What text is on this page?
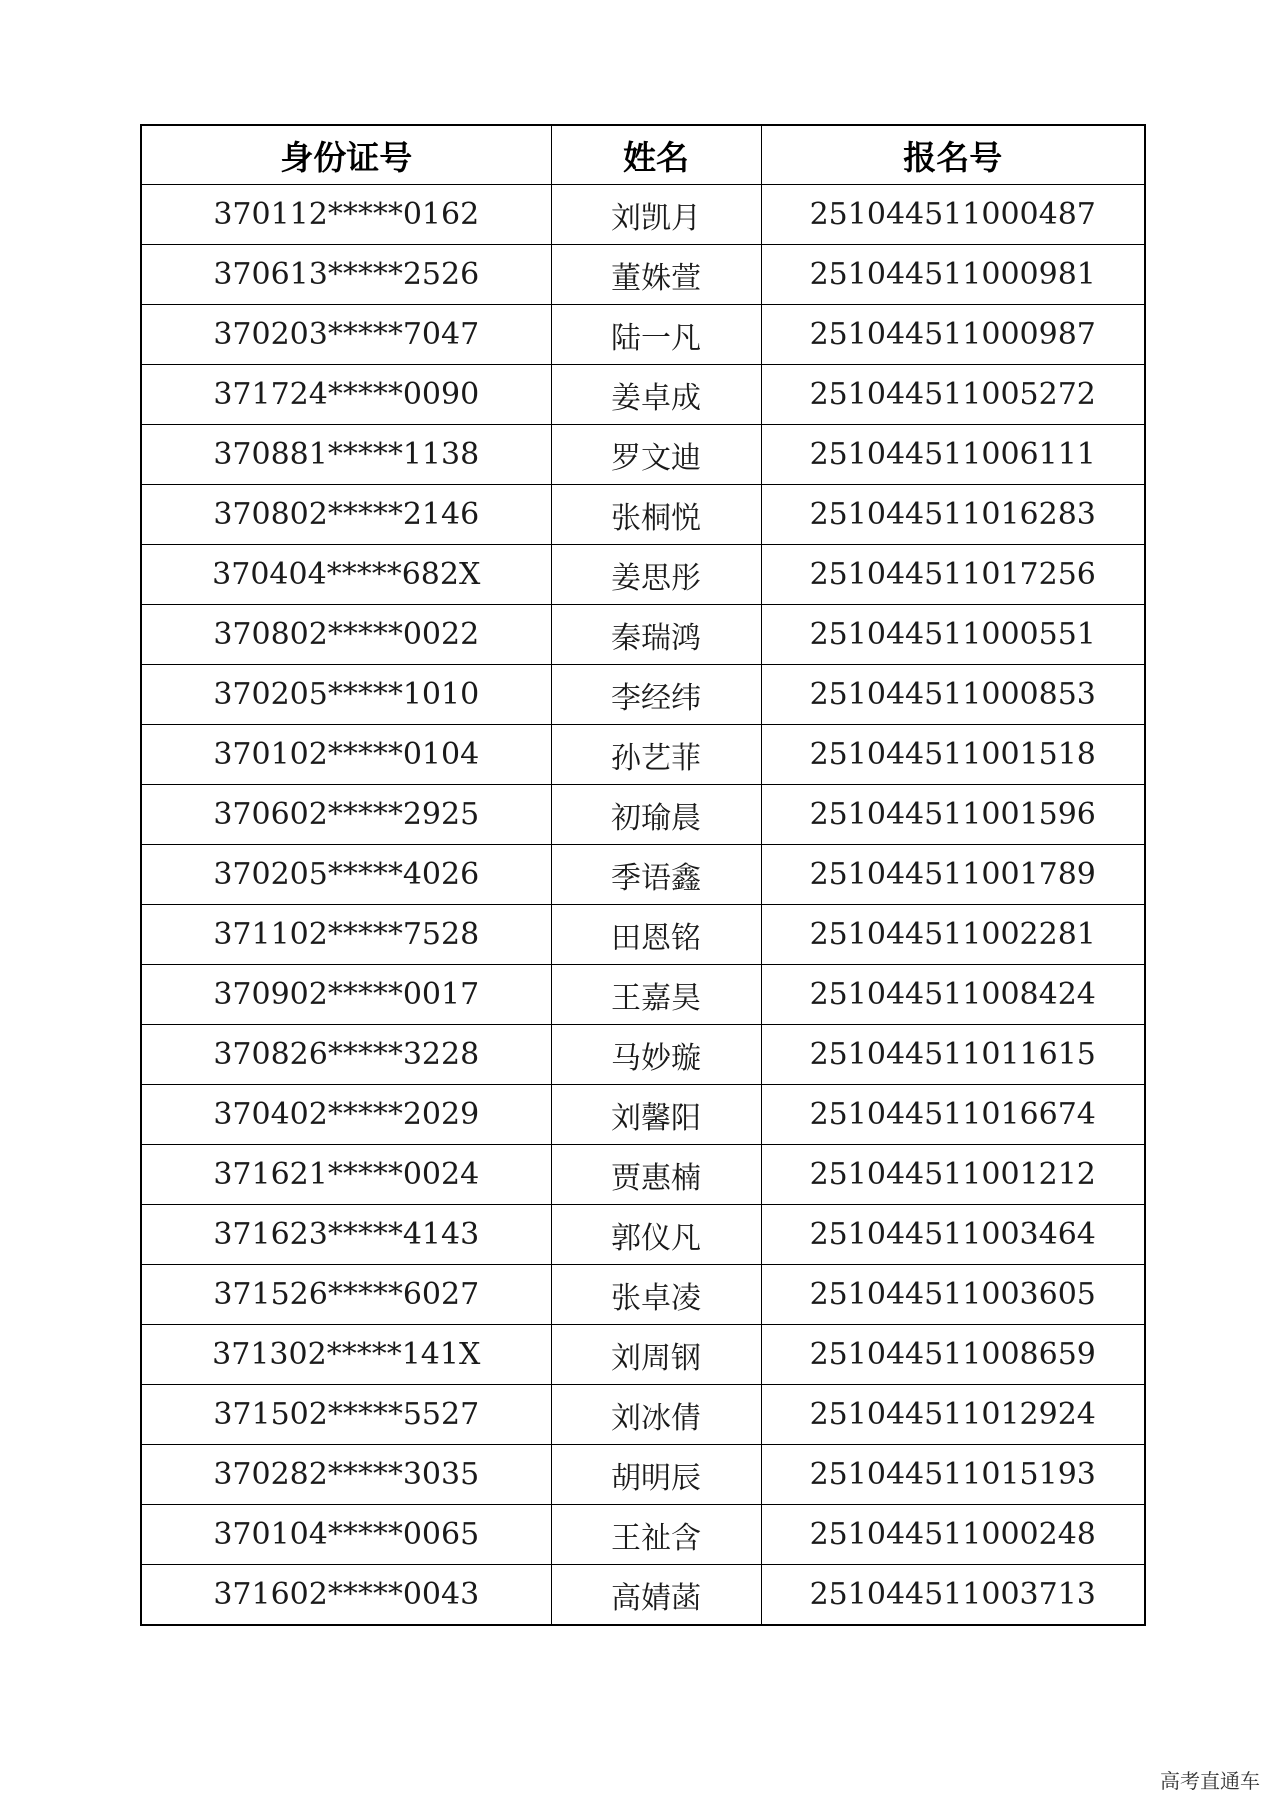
身份证号	姓名	报名号
370112*****0162	刘凯月	251044511000487
370613*****2526	董姝萱	251044511000981
370203*****7047	陆一凡	251044511000987
371724*****0090	姜卓成	251044511005272
370881*****1138	罗文迪	251044511006111
370802*****2146	张桐悦	251044511016283
370404*****682X	姜思彤	251044511017256
370802*****0022	秦瑞鸿	251044511000551
370205*****1010	李经纬	251044511000853
370102*****0104	孙艺菲	251044511001518
370602*****2925	初瑜晨	251044511001596
370205*****4026	季语鑫	251044511001789
371102*****7528	田恩铭	251044511002281
370902*****0017	王嘉昊	251044511008424
370826*****3228	马妙璇	251044511011615
370402*****2029	刘馨阳	251044511016674
371621*****0024	贾惠楠	251044511001212
371623*****4143	郭仪凡	251044511003464
371526*****6027	张卓凌	251044511003605
371302*****141X	刘周钢	251044511008659
371502*****5527	刘冰倩	251044511012924
370282*****3035	胡明辰	251044511015193
370104*****0065	王祉含	251044511000248
371602*****0043	高婧菡	251044511003713
高考直通车
